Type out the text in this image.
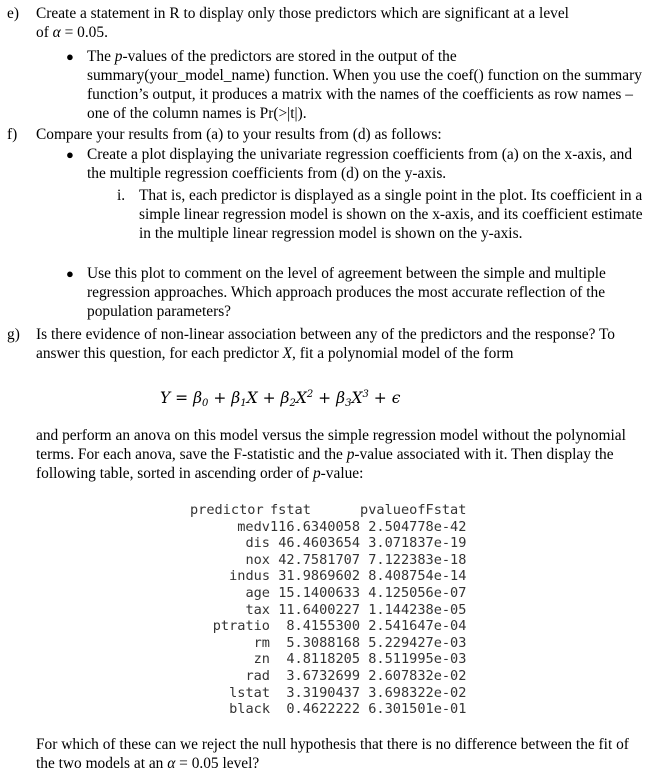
e) Create a statement in R to display only those predictors which are significant at a level
of α = 0.05.
● The p-values of the predictors are stored in the output of the summary(your_model_name) function. When you use the coef() function on the summary function’s output, it produces a matrix with the names of the coefficients as row names – one of the column names is Pr(>|t|).
f) Compare your results from (a) to your results from (d) as follows:
● Create a plot displaying the univariate regression coefficients from (a) on the x-axis, and the multiple regression coefficients from (d) on the y-axis.
i. That is, each predictor is displayed as a single point in the plot. Its coefficient in a simple linear regression model is shown on the x-axis, and its coefficient estimate in the multiple linear regression model is shown on the y-axis.
● Use this plot to comment on the level of agreement between the simple and multiple regression approaches. Which approach produces the most accurate reflection of the population parameters?
g) Is there evidence of non-linear association between any of the predictors and the response? To answer this question, for each predictor X, fit a polynomial model of the form
$Y = \beta_0 + \beta_1X + \beta_2X^2 + \beta_3X^3 + \epsilon$
and perform an anova on this model versus the simple regression model without the polynomial terms. For each anova, save the F-statistic and the p-value associated with it. Then display the following table, sorted in ascending order of p-value:
predictor	fstat	pvalueofFstat
medv	116.6340058	2.504778e-42
dis	46.4603654	3.071837e-19
nox	42.7581707	7.122383e-18
indus	31.9869602	8.408754e-14
age	15.1400633	4.125056e-07
tax	11.6400227	1.144238e-05
ptratio	8.4155300	2.541647e-04
rm	5.3088168	5.229427e-03
zn	4.8118205	8.511995e-03
rad	3.6732699	2.607832e-02
lstat	3.3190437	3.698322e-02
black	0.4622222	6.301501e-01
For which of these can we reject the null hypothesis that there is no difference between the fit of the two models at an α = 0.05 level?
